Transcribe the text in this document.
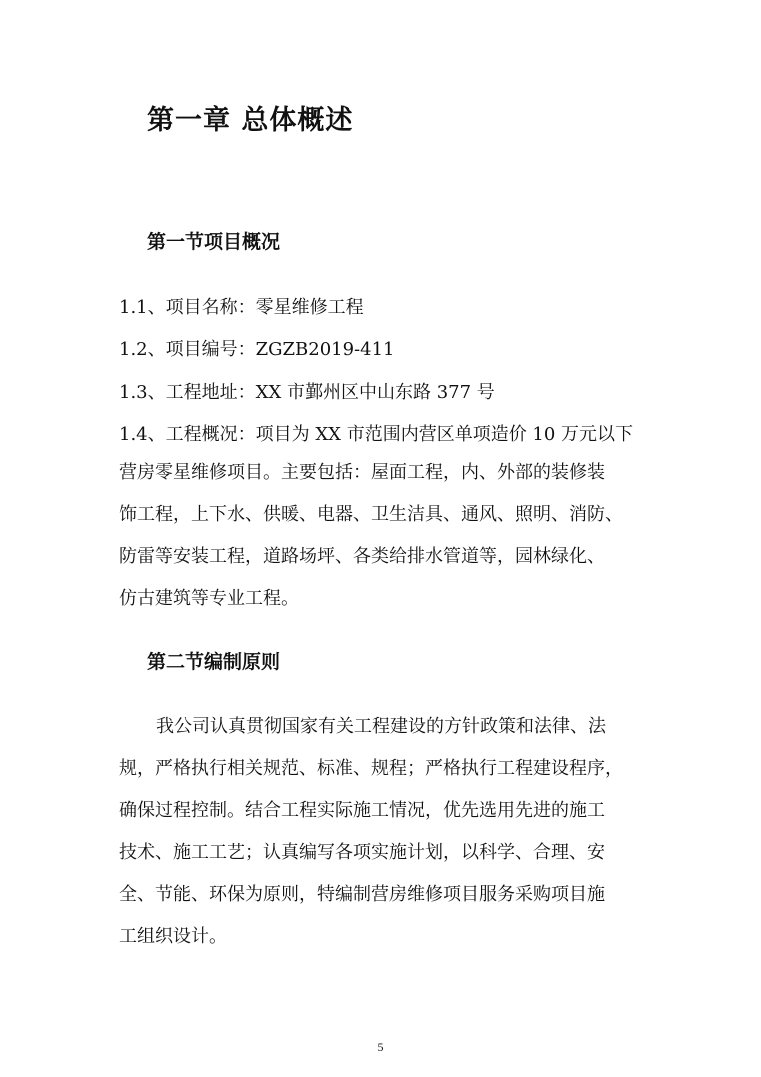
第一章 总体概述
第一节项目概况

1.1、项目名称：零星维修工程

1.2、项目编号：ZGZB2019-411

1.3、工程地址：XX 市鄞州区中山东路 377 号

1.4、工程概况：项目为 XX 市范围内营区单项造价 10 万元以下

营房零星维修项目。主要包括：屋面工程，内、外部的装修装

饰工程，上下水、供暖、电器、卫生洁具、通风、照明、消防、

防雷等安装工程，道路场坪、各类给排水管道等，园林绿化、

仿古建筑等专业工程。

第二节编制原则

我公司认真贯彻国家有关工程建设的方针政策和法律、法

规，严格执行相关规范、标准、规程；严格执行工程建设程序，

确保过程控制。结合工程实际施工情况，优先选用先进的施工

技术、施工工艺；认真编写各项实施计划，以科学、合理、安

全、节能、环保为原则，特编制营房维修项目服务采购项目施

工组织设计。

5
